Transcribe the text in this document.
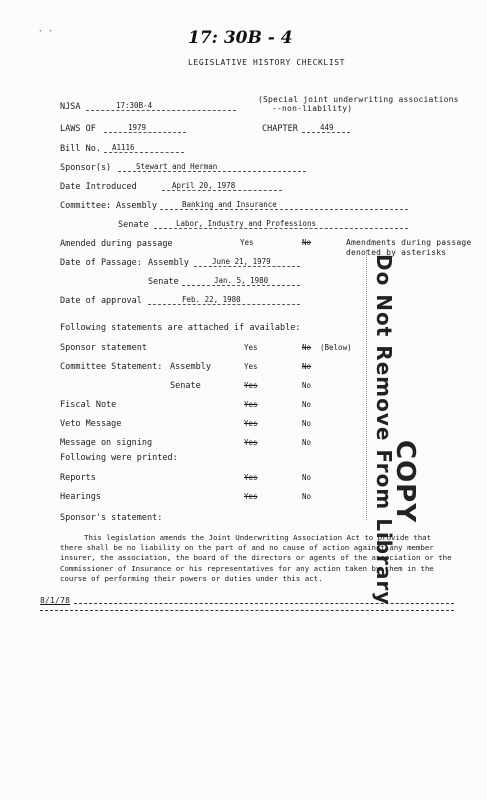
ˎ ˎ
17: 30B - 4
LEGISLATIVE HISTORY CHECKLIST
NJSA	17:30B-4
(Special joint underwriting associations
--non-liability)
LAWS OF	1979	CHAPTER	449
Bill No. A1116
Sponsor(s)	Stewart and Herman
Date Introduced	April 20, 1978
Committee: Assembly	Banking and Insurance
Senate	Labor, Industry and Professions
Amended during passage	Yes	No	Amendments during passage
denoted by asterisks
Date of Passage: Assembly	June 21, 1979
Senate	Jan. 5, 1980
Date of approval	Feb. 22, 1980
Following statements are attached if available:
Sponsor statement	Yes	No (Below)
Committee Statement: Assembly	Yes	No
Senate	Yes	No
Fiscal Note	Yes	No
Veto Message	Yes	No
Message on signing	Yes	No
Following were printed:
Reports	Yes	No
Hearings	Yes	No
Sponsor's statement:
This legislation amends the Joint Underwriting Association Act to provide that there shall be no liability on the part of and no cause of action against any member insurer, the association, the board of the directors or agents of the association or the Commissioner of Insurance or his representatives for any action taken by them in the course of performing their powers or duties under this act.
8/1/78	Do Not Remove From Library
COPY
